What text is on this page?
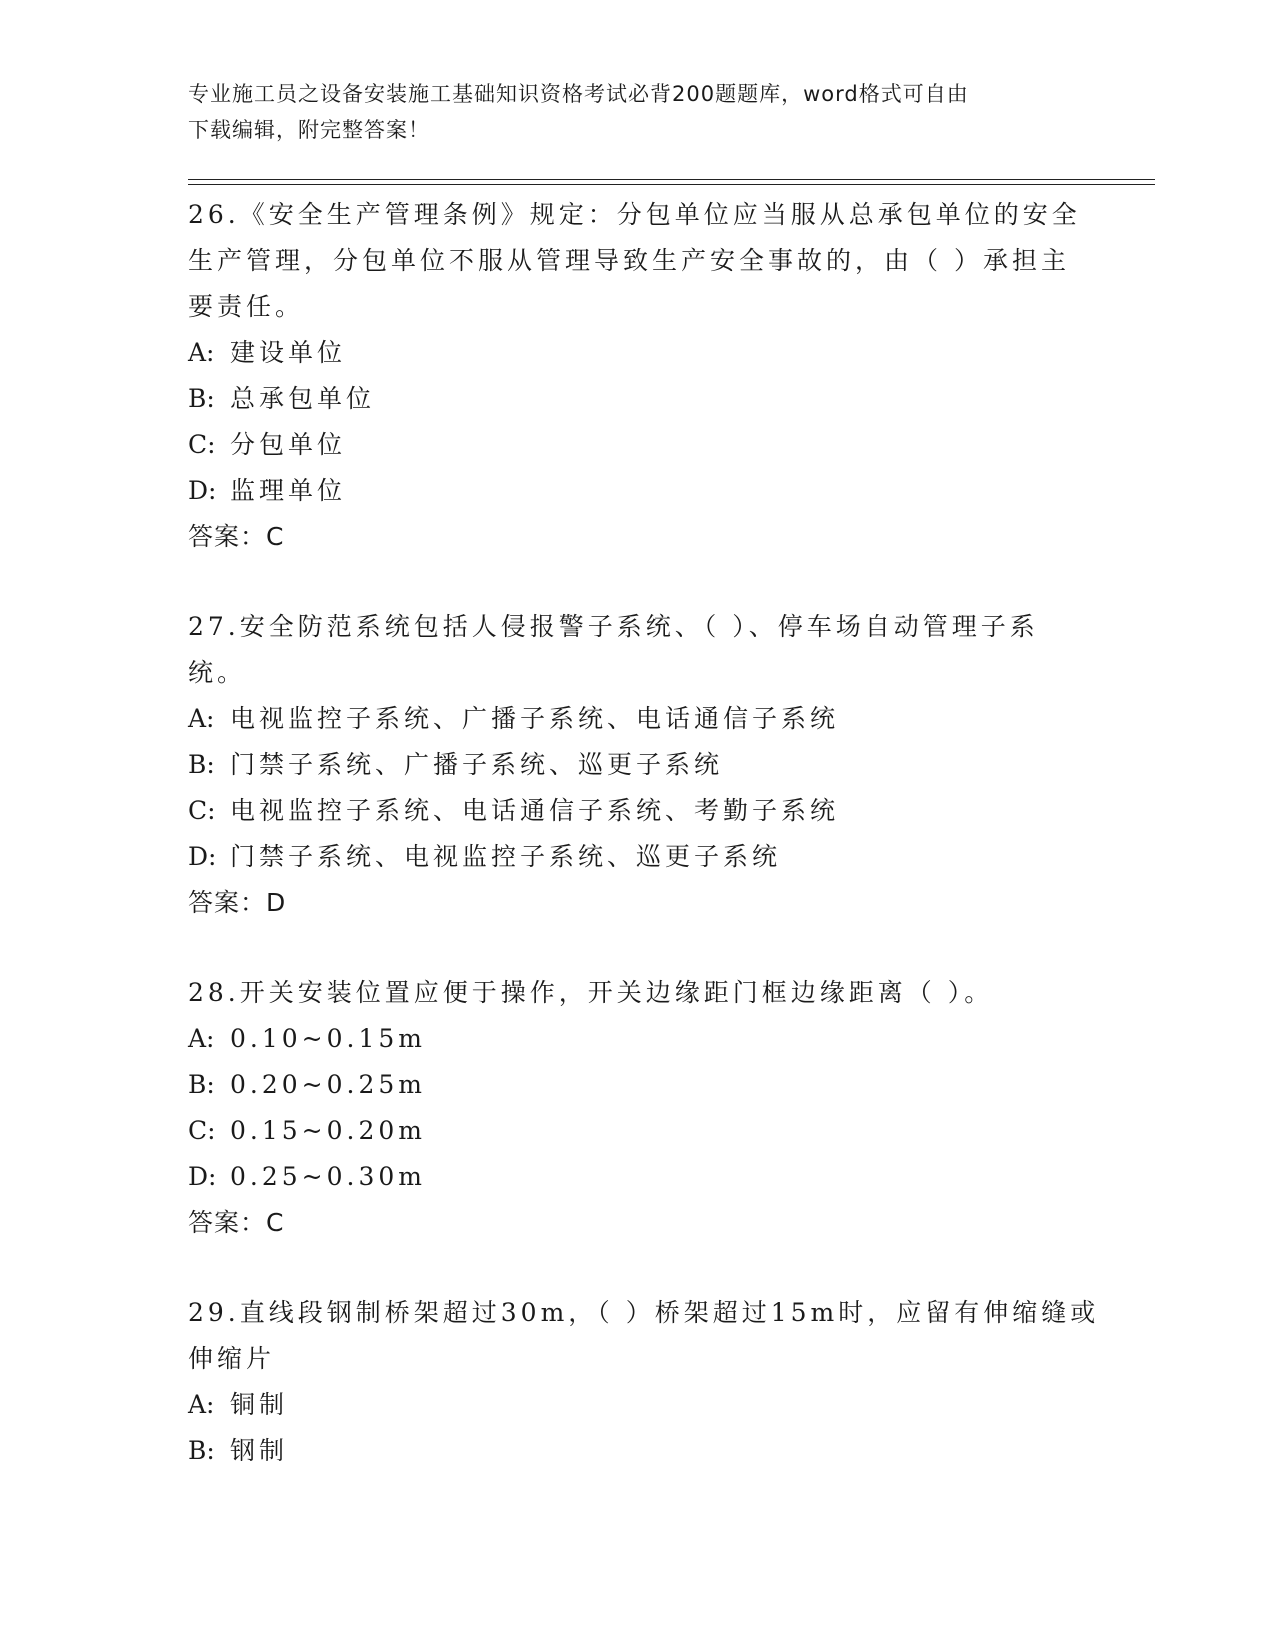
专业施工员之设备安装施工基础知识资格考试必背200题题库，word格式可自由
下载编辑，附完整答案！
26.《安全生产管理条例》规定：分包单位应当服从总承包单位的安全
生产管理，分包单位不服从管理导致生产安全事故的，由（ ）承担主
要责任。
A: 建设单位
B: 总承包单位
C: 分包单位
D: 监理单位
答案：C
27.安全防范系统包括人侵报警子系统、（ ）、停车场自动管理子系
统。
A: 电视监控子系统、广播子系统、电话通信子系统
B: 门禁子系统、广播子系统、巡更子系统
C: 电视监控子系统、电话通信子系统、考勤子系统
D: 门禁子系统、电视监控子系统、巡更子系统
答案：D
28.开关安装位置应便于操作，开关边缘距门框边缘距离（ ）。
A: 0.10~0.15m
B: 0.20~0.25m
C: 0.15~0.20m
D: 0.25~0.30m
答案：C
29.直线段钢制桥架超过30m，（ ）桥架超过15m时，应留有伸缩缝或
伸缩片
A: 铜制
B: 钢制
